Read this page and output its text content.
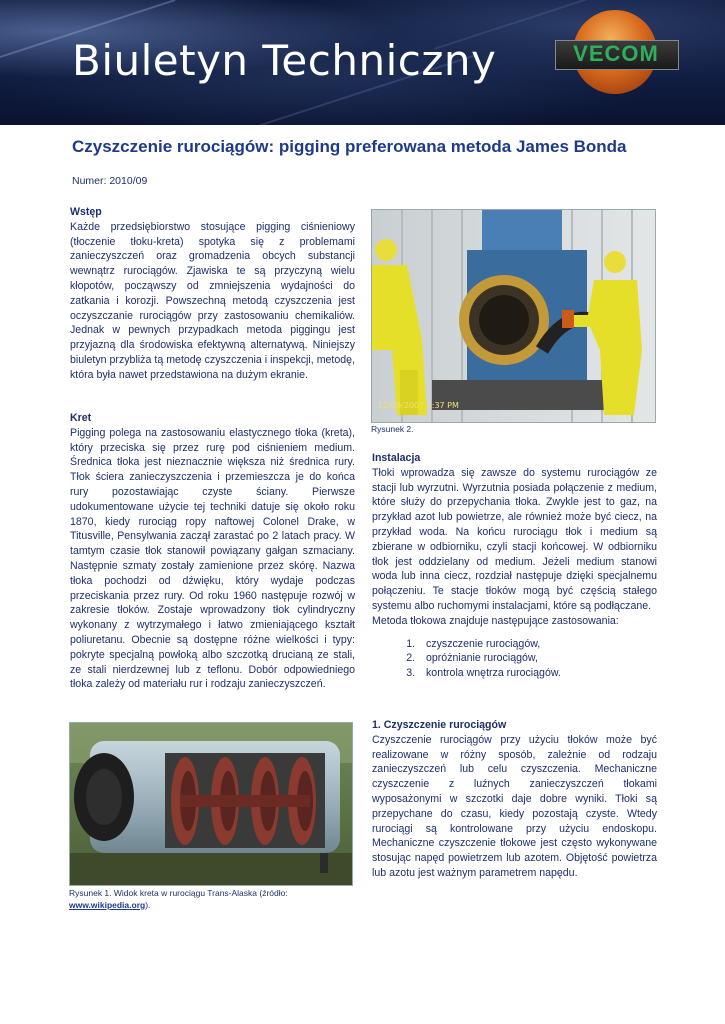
Biuletyn Techniczny	VECOM
Czyszczenie rurociągów: pigging preferowana metoda James Bonda
Numer: 2010/09
Wstęp

Każde przedsiębiorstwo stosujące pigging ciśnieniowy (tłoczenie tłoku-kreta) spotyka się z problemami zanieczyszczeń oraz gromadzenia obcych substancji wewnątrz rurociągów. Zjawiska te są przyczyną wielu kłopotów, począwszy od zmniejszenia wydajności do zatkania i korozji. Powszechną metodą czyszczenia jest oczyszczanie rurociągów przy zastosowaniu chemikaliów. Jednak w pewnych przypadkach metoda piggingu jest przyjazną dla środowiska efektywną alternatywą. Niniejszy biuletyn przybliża tą metodę czyszczenia i inspekcji, metodę, która była nawet przedstawiona na dużym ekranie.

Kret

Pigging polega na zastosowaniu elastycznego tłoka (kreta), który przeciska się przez rurę pod ciśnieniem medium. Średnica tłoka jest nieznacznie większa niż średnica rury. Tłok ściera zanieczyszczenia i przemieszcza je do końca rury pozostawiając czyste ściany. Pierwsze udokumentowane użycie tej techniki datuje się około roku 1870, kiedy rurociąg ropy naftowej Colonel Drake, w Titusville, Pensylwania zaczął zarastać po 2 latach pracy. W tamtym czasie tłok stanowił powiązany gałgan szmaciany. Następnie szmaty zostały zamienione przez skórę. Nazwa tłoka pochodzi od dźwięku, który wydaje podczas przeciskania przez rury. Od roku 1960 następuje rozwój w zakresie tłoków. Zostaje wprowadzony tłok cylindryczny wykonany z wytrzymałego i łatwo zmieniającego kształt poliuretanu. Obecnie są dostępne różne wielkości i typy: pokryte specjalną powłoką albo szczotką drucianą ze stali, ze stali nierdzewnej lub z teflonu. Dobór odpowiedniego tłoka zależy od materiału rur i rodzaju zanieczyszczeń.

Rysunek 1. Widok kreta w rurociągu Trans-Alaska (źródło:
www.wikipedia.org).
12/09/2007 2:37 PM
Rysunek 2.
Instalacja

Tłoki wprowadza się zawsze do systemu rurociągów ze stacji lub wyrzutni. Wyrzutnia posiada połączenie z medium, które służy do przepychania tłoka. Zwykle jest to gaz, na przykład azot lub powietrze, ale również może być ciecz, na przykład woda. Na końcu rurociągu tłok i medium są zbierane w odbiorniku, czyli stacji końcowej. W odbiorniku tłok jest oddzielany od medium. Jeżeli medium stanowi woda lub inna ciecz, rozdział następuje dzięki specjalnemu połączeniu. Te stacje tłoków mogą być częścią stałego systemu albo ruchomymi instalacjami, które są podłączane.

Metoda tłokowa znajduje następujące zastosowania:

1. czyszczenie rurociągów,
2. opróżnianie rurociągów,
3. kontrola wnętrza rurociągów.
1. Czyszczenie rurociągów

Czyszczenie rurociągów przy użyciu tłoków może być realizowane w różny sposób, zależnie od rodzaju zanieczyszczeń lub celu czyszczenia. Mechaniczne czyszczenie z luźnych zanieczyszczeń tłokami wyposażonymi w szczotki daje dobre wyniki. Tłoki są przepychane do czasu, kiedy pozostają czyste. Wtedy rurociągi są kontrolowane przy użyciu endoskopu. Mechaniczne czyszczenie tłokowe jest często wykonywane stosując napęd powietrzem lub azotem. Objętość powietrza lub azotu jest ważnym parametrem napędu.
